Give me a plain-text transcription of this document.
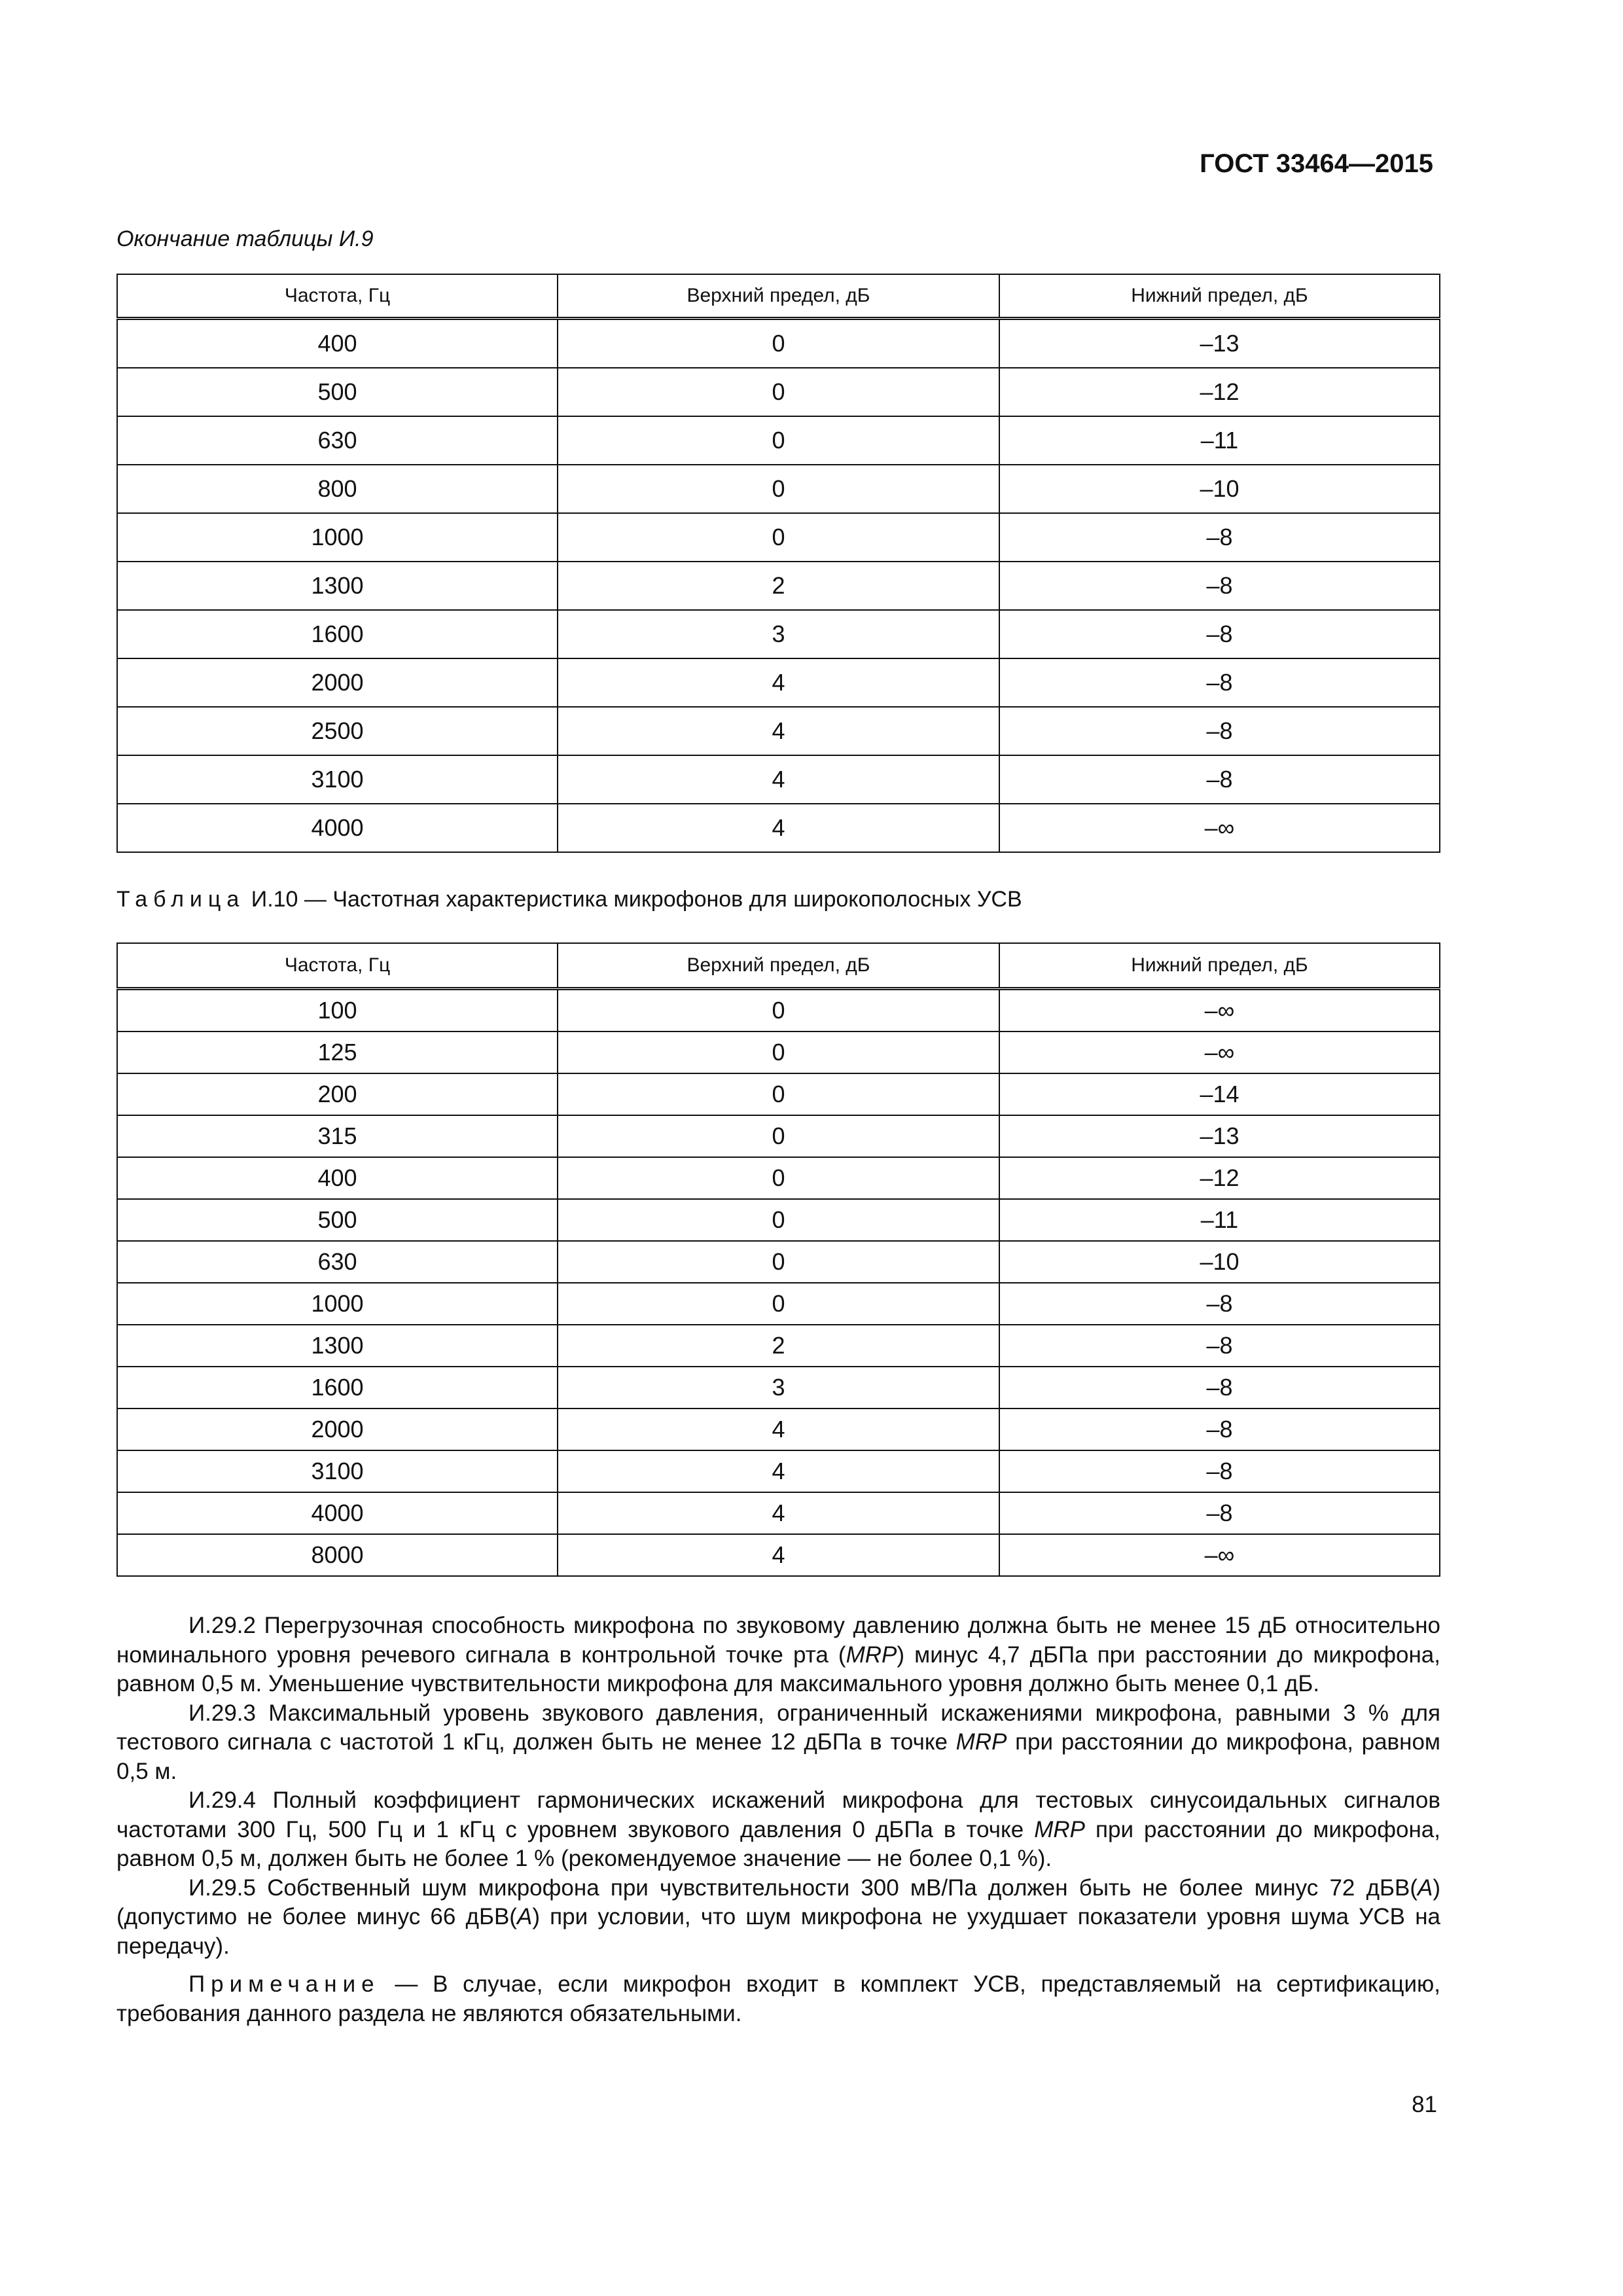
ГОСТ 33464—2015
Окончание таблицы И.9
Частота, Гц	Верхний предел, дБ	Нижний предел, дБ
400	0	–13
500	0	–12
630	0	–11
800	0	–10
1000	0	–8
1300	2	–8
1600	3	–8
2000	4	–8
2500	4	–8
3100	4	–8
4000	4	–∞
Таблица И.10 — Частотная характеристика микрофонов для широкополосных УСВ
Частота, Гц	Верхний предел, дБ	Нижний предел, дБ
100	0	–∞
125	0	–∞
200	0	–14
315	0	–13
400	0	–12
500	0	–11
630	0	–10
1000	0	–8
1300	2	–8
1600	3	–8
2000	4	–8
3100	4	–8
4000	4	–8
8000	4	–∞

И.29.2 Перегрузочная способность микрофона по звуковому давлению должна быть не менее 15 дБ относительно номинального уровня речевого сигнала в контрольной точке рта (MRP) минус 4,7 дБПа при расстоянии до микрофона, равном 0,5 м. Уменьшение чувствительности микрофона для максимального уровня должно быть менее 0,1 дБ.

И.29.3 Максимальный уровень звукового давления, ограниченный искажениями микрофона, равными 3 % для тестового сигнала с частотой 1 кГц, должен быть не менее 12 дБПа в точке MRP при расстоянии до микрофона, равном 0,5 м.

И.29.4 Полный коэффициент гармонических искажений микрофона для тестовых синусоидальных сигналов частотами 300 Гц, 500 Гц и 1 кГц с уровнем звукового давления 0 дБПа в точке MRP при расстоянии до микрофона, равном 0,5 м, должен быть не более 1 % (рекомендуемое значение — не более 0,1 %).

И.29.5 Собственный шум микрофона при чувствительности 300 мВ/Па должен быть не более минус 72 дБВ(A) (допустимо не более минус 66 дБВ(A) при условии, что шум микрофона не ухудшает показатели уровня шума УСВ на передачу).

Примечание — В случае, если микрофон входит в комплект УСВ, представляемый на сертификацию, требования данного раздела не являются обязательными.

81
